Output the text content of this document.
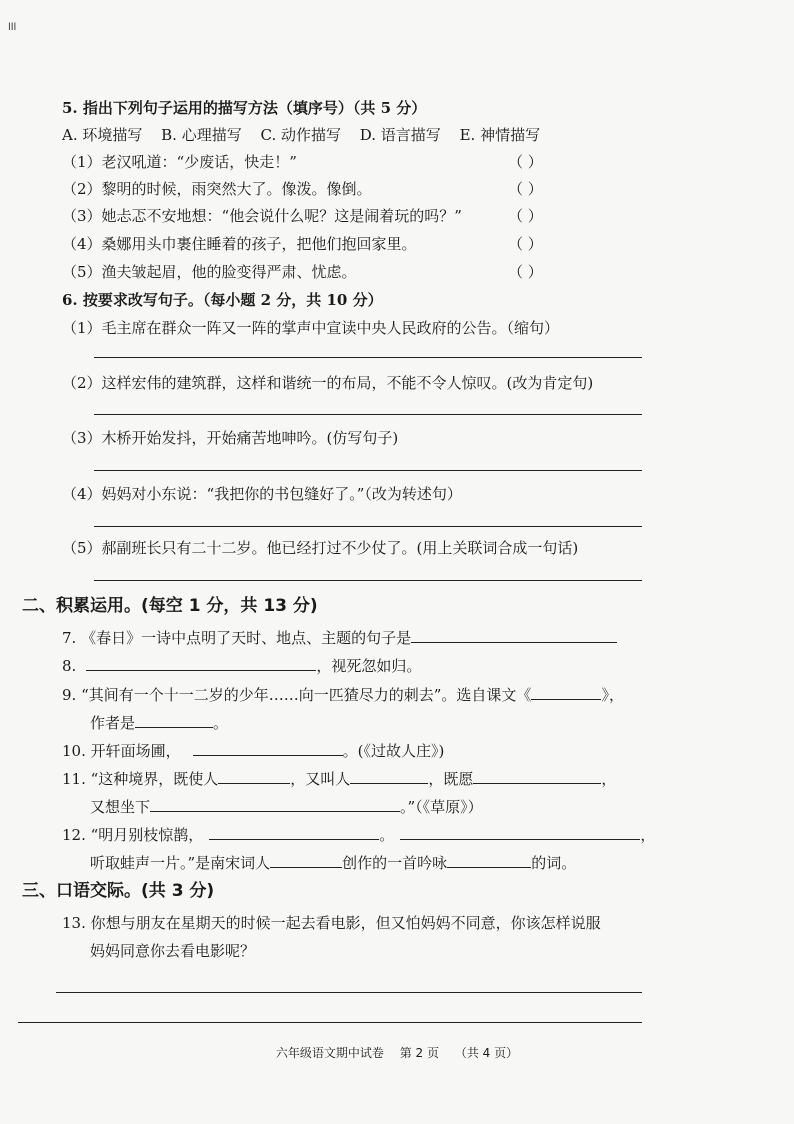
lll
5. 指出下列句子运用的描写方法（填序号）（共 5 分）
A. 环境描写 B. 心理描写 C. 动作描写 D. 语言描写 E. 神情描写
（1）老汉吼道：“少废话，快走！”	（ ）
（2）黎明的时候，雨突然大了。像泼。像倒。	（ ）
（3）她忐忑不安地想：“他会说什么呢？这是闹着玩的吗？”	（ ）
（4）桑娜用头巾裹住睡着的孩子，把他们抱回家里。	（ ）
（5）渔夫皱起眉，他的脸变得严肃、忧虑。	（ ）
6. 按要求改写句子。（每小题 2 分，共 10 分）
（1）毛主席在群众一阵又一阵的掌声中宣读中央人民政府的公告。（缩句）
（2）这样宏伟的建筑群，这样和谐统一的布局，不能不令人惊叹。(改为肯定句)
（3）木桥开始发抖，开始痛苦地呻吟。(仿写句子)
（4）妈妈对小东说：“我把你的书包缝好了。”（改为转述句）
（5）郝副班长只有二十二岁。他已经打过不少仗了。(用上关联词合成一句话)
二、积累运用。(每空 1 分，共 13 分)
7. 《春日》一诗中点明了天时、地点、主题的句子是
8.	，视死忽如归。
9. “其间有一个十一二岁的少年……向一匹猹尽力的刺去”。选自课文《	》，
作者是	。
10. 开轩面场圃，	。(《过故人庄》)
11. “这种境界，既使人	，又叫人	，既愿	，
又想坐下	。”（《草原》）
12. “明月别枝惊鹊，	。	，
听取蛙声一片。”是南宋词人	创作的一首吟咏	的词。
三、口语交际。(共 3 分)
13. 你想与朋友在星期天的时候一起去看电影，但又怕妈妈不同意，你该怎样说服
妈妈同意你去看电影呢？
六年级语文期中试卷 第 2 页 （共 4 页）
